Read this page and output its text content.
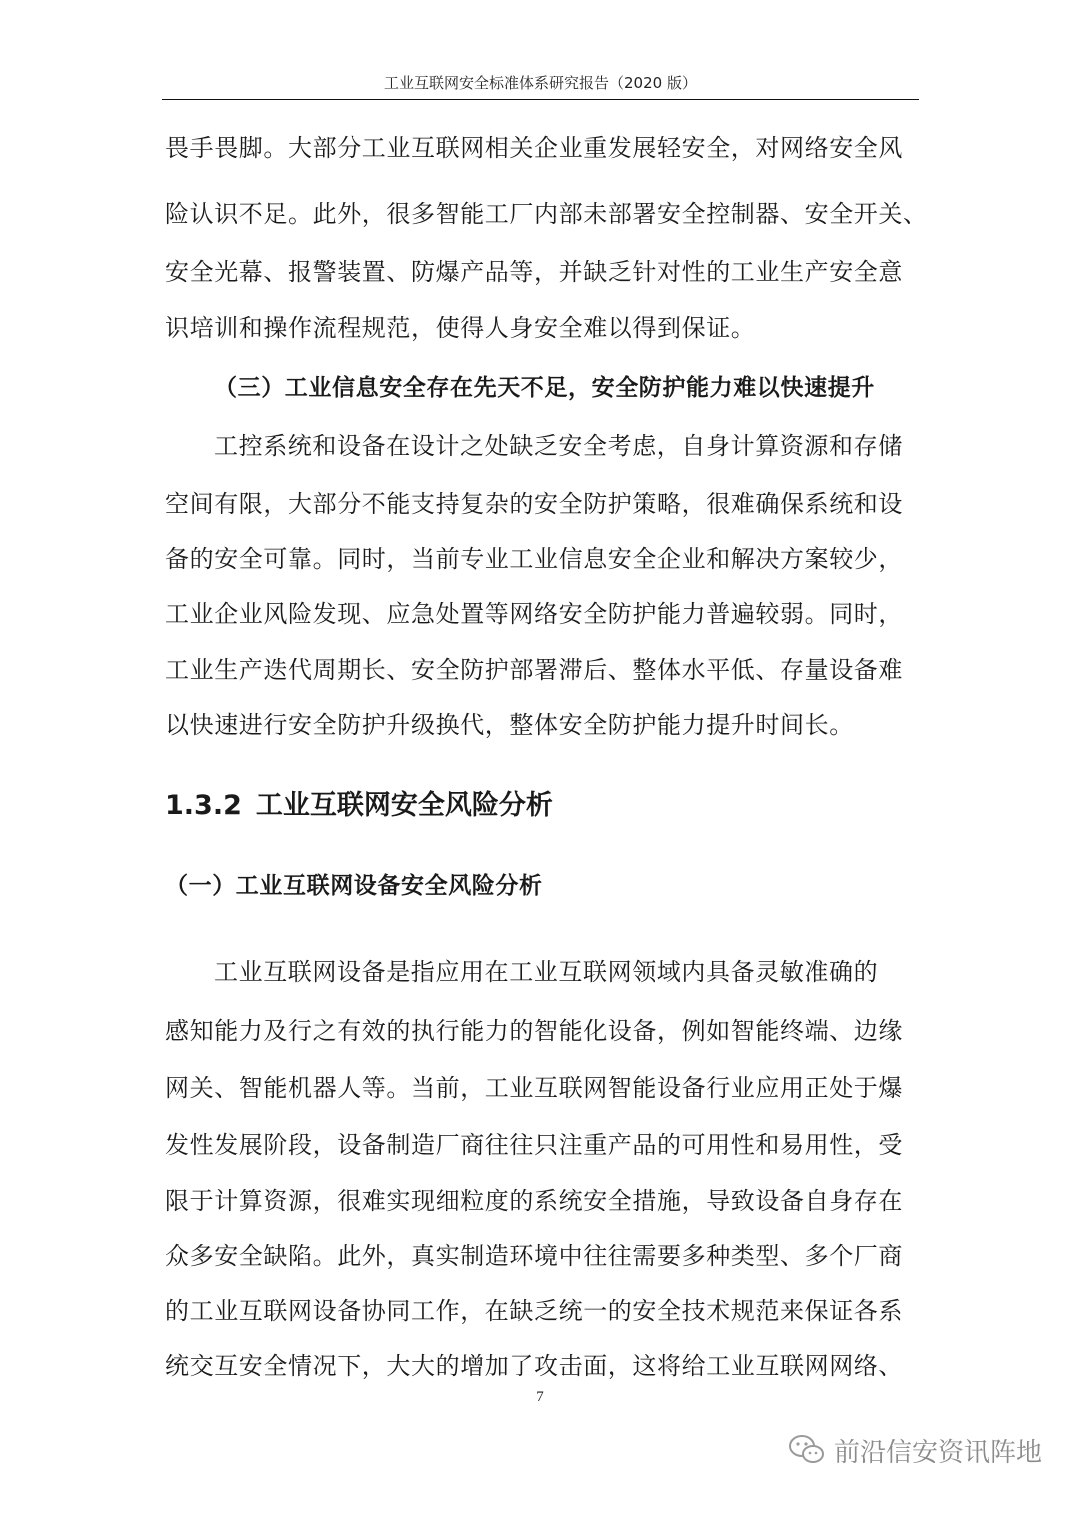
工业互联网安全标准体系研究报告（2020 版）
畏手畏脚。大部分工业互联网相关企业重发展轻安全，对网络安全风
险认识不足。此外，很多智能工厂内部未部署安全控制器、安全开关、
安全光幕、报警装置、防爆产品等，并缺乏针对性的工业生产安全意
识培训和操作流程规范，使得人身安全难以得到保证。
（三）工业信息安全存在先天不足，安全防护能力难以快速提升
工控系统和设备在设计之处缺乏安全考虑，自身计算资源和存储
空间有限，大部分不能支持复杂的安全防护策略，很难确保系统和设
备的安全可靠。同时，当前专业工业信息安全企业和解决方案较少，
工业企业风险发现、应急处置等网络安全防护能力普遍较弱。同时，
工业生产迭代周期长、安全防护部署滞后、整体水平低、存量设备难
以快速进行安全防护升级换代，整体安全防护能力提升时间长。
1.3.2 工业互联网安全风险分析
（一）工业互联网设备安全风险分析
工业互联网设备是指应用在工业互联网领域内具备灵敏准确的
感知能力及行之有效的执行能力的智能化设备，例如智能终端、边缘
网关、智能机器人等。当前，工业互联网智能设备行业应用正处于爆
发性发展阶段，设备制造厂商往往只注重产品的可用性和易用性，受
限于计算资源，很难实现细粒度的系统安全措施，导致设备自身存在
众多安全缺陷。此外，真实制造环境中往往需要多种类型、多个厂商
的工业互联网设备协同工作，在缺乏统一的安全技术规范来保证各系
统交互安全情况下，大大的增加了攻击面，这将给工业互联网网络、
7
前沿信安资讯阵地
